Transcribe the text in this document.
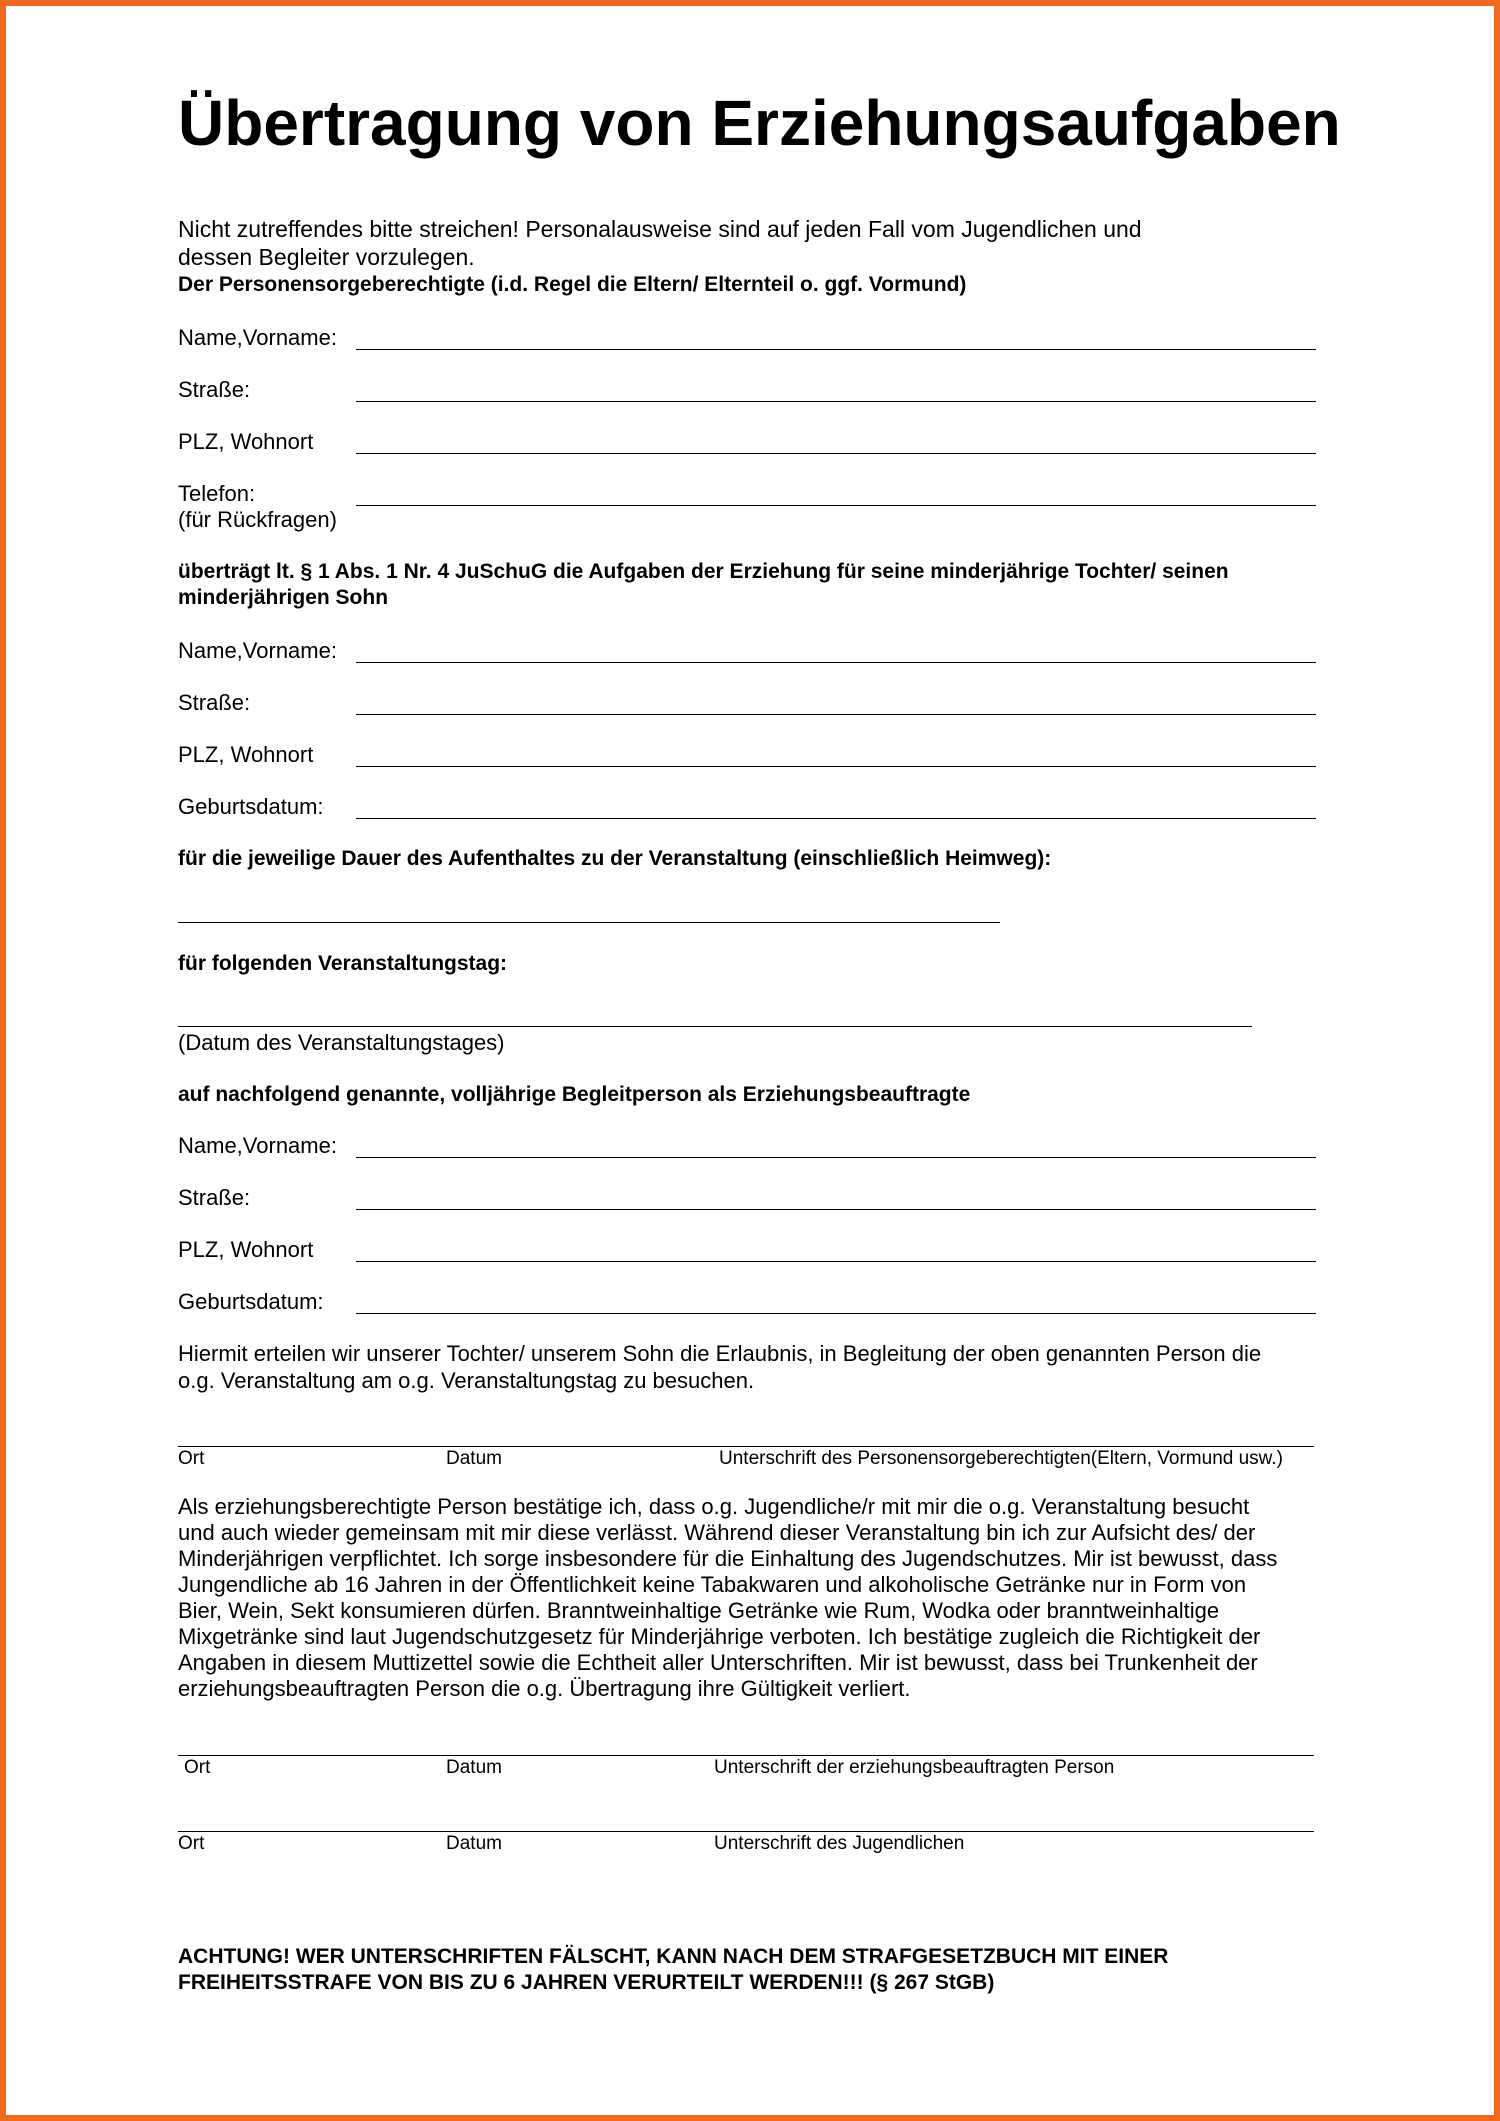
Übertragung von Erziehungsaufgaben
Nicht zutreffendes bitte streichen! Personalausweise sind auf jeden Fall vom Jugendlichen und
dessen Begleiter vorzulegen.
Der Personensorgeberechtigte (i.d. Regel die Eltern/ Elternteil o. ggf. Vormund)
Name,Vorname:
Straße:
PLZ, Wohnort
Telefon:
(für Rückfragen)
überträgt lt. § 1 Abs. 1 Nr. 4 JuSchuG die Aufgaben der Erziehung für seine minderjährige Tochter/ seinen
minderjährigen Sohn
Name,Vorname:
Straße:
PLZ, Wohnort
Geburtsdatum:
für die jeweilige Dauer des Aufenthaltes zu der Veranstaltung (einschließlich Heimweg):
für folgenden Veranstaltungstag:
(Datum des Veranstaltungstages)
auf nachfolgend genannte, volljährige Begleitperson als Erziehungsbeauftragte
Name,Vorname:
Straße:
PLZ, Wohnort
Geburtsdatum:
Hiermit erteilen wir unserer Tochter/ unserem Sohn die Erlaubnis, in Begleitung der oben genannten Person die
o.g. Veranstaltung am o.g. Veranstaltungstag zu besuchen.
Ort	Datum	Unterschrift des Personensorgeberechtigten(Eltern, Vormund usw.)
Als erziehungsberechtigte Person bestätige ich, dass o.g. Jugendliche/r mit mir die o.g. Veranstaltung besucht
und auch wieder gemeinsam mit mir diese verlässt. Während dieser Veranstaltung bin ich zur Aufsicht des/ der
Minderjährigen verpflichtet. Ich sorge insbesondere für die Einhaltung des Jugendschutzes. Mir ist bewusst, dass
Jungendliche ab 16 Jahren in der Öffentlichkeit keine Tabakwaren und alkoholische Getränke nur in Form von
Bier, Wein, Sekt konsumieren dürfen. Branntweinhaltige Getränke wie Rum, Wodka oder branntweinhaltige
Mixgetränke sind laut Jugendschutzgesetz für Minderjährige verboten. Ich bestätige zugleich die Richtigkeit der
Angaben in diesem Muttizettel sowie die Echtheit aller Unterschriften. Mir ist bewusst, dass bei Trunkenheit der
erziehungsbeauftragten Person die o.g. Übertragung ihre Gültigkeit verliert.
Ort	Datum	Unterschrift der erziehungsbeauftragten Person
Ort	Datum	Unterschrift des Jugendlichen
ACHTUNG! WER UNTERSCHRIFTEN FÄLSCHT, KANN NACH DEM STRAFGESETZBUCH MIT EINER
FREIHEITSSTRAFE VON BIS ZU 6 JAHREN VERURTEILT WERDEN!!! (§ 267 StGB)
